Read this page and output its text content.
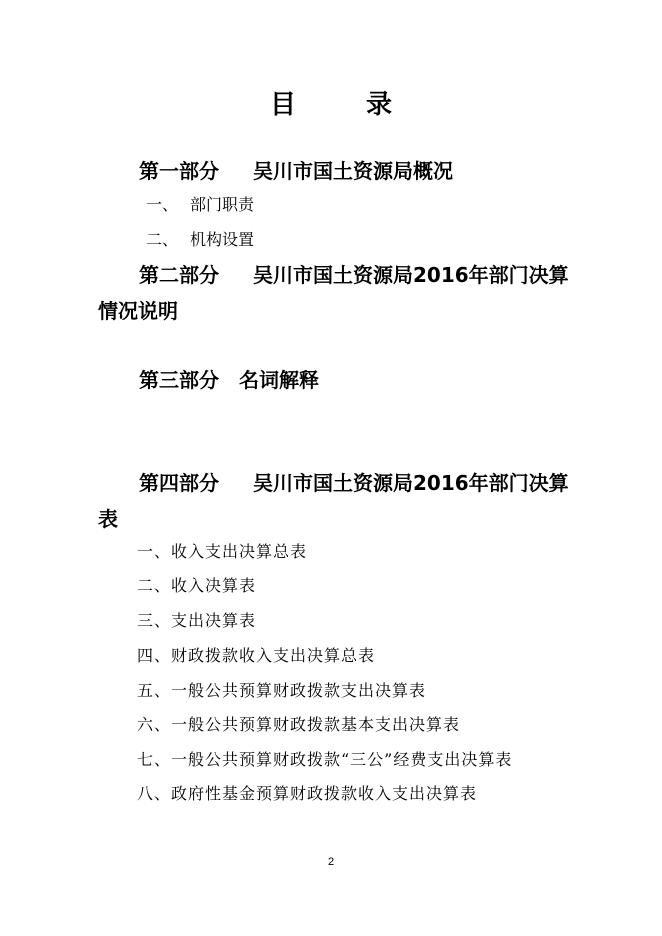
目	录
第一部分 吴川市国土资源局概况
一、 部门职责
二、 机构设置
第二部分 吴川市国土资源局2016年部门决算
情况说明
第三部分 名词解释
第四部分 吴川市国土资源局2016年部门决算
表
一、收入支出决算总表
二、收入决算表
三、支出决算表
四、财政拨款收入支出决算总表
五、一般公共预算财政拨款支出决算表
六、一般公共预算财政拨款基本支出决算表
七、一般公共预算财政拨款“三公”经费支出决算表
八、政府性基金预算财政拨款收入支出决算表
2
